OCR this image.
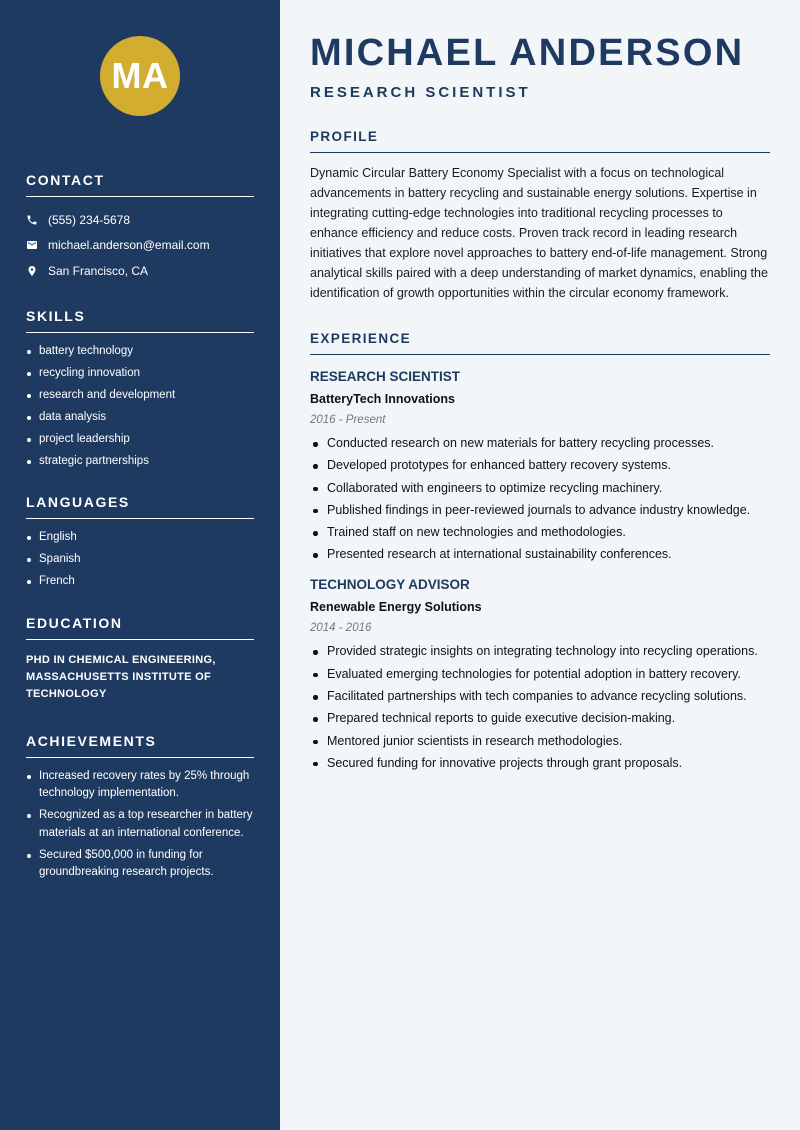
MA
CONTACT
(555) 234-5678
michael.anderson@email.com
San Francisco, CA
SKILLS
battery technology
recycling innovation
research and development
data analysis
project leadership
strategic partnerships
LANGUAGES
English
Spanish
French
EDUCATION

PHD IN CHEMICAL ENGINEERING, MASSACHUSETTS INSTITUTE OF TECHNOLOGY

ACHIEVEMENTS
Increased recovery rates by 25% through technology implementation.
Recognized as a top researcher in battery materials at an international conference.
Secured $500,000 in funding for groundbreaking research projects.
MICHAEL ANDERSON
RESEARCH SCIENTIST
PROFILE

Dynamic Circular Battery Economy Specialist with a focus on technological advancements in battery recycling and sustainable energy solutions. Expertise in integrating cutting-edge technologies into traditional recycling processes to enhance efficiency and reduce costs. Proven track record in leading research initiatives that explore novel approaches to battery end-of-life management. Strong analytical skills paired with a deep understanding of market dynamics, enabling the identification of growth opportunities within the circular economy framework.

EXPERIENCE

RESEARCH SCIENTIST

BatteryTech Innovations

2016 - Present

Conducted research on new materials for battery recycling processes.
Developed prototypes for enhanced battery recovery systems.
Collaborated with engineers to optimize recycling machinery.
Published findings in peer-reviewed journals to advance industry knowledge.
Trained staff on new technologies and methodologies.
Presented research at international sustainability conferences.

TECHNOLOGY ADVISOR

Renewable Energy Solutions

2014 - 2016

Provided strategic insights on integrating technology into recycling operations.
Evaluated emerging technologies for potential adoption in battery recovery.
Facilitated partnerships with tech companies to advance recycling solutions.
Prepared technical reports to guide executive decision-making.
Mentored junior scientists in research methodologies.
Secured funding for innovative projects through grant proposals.
